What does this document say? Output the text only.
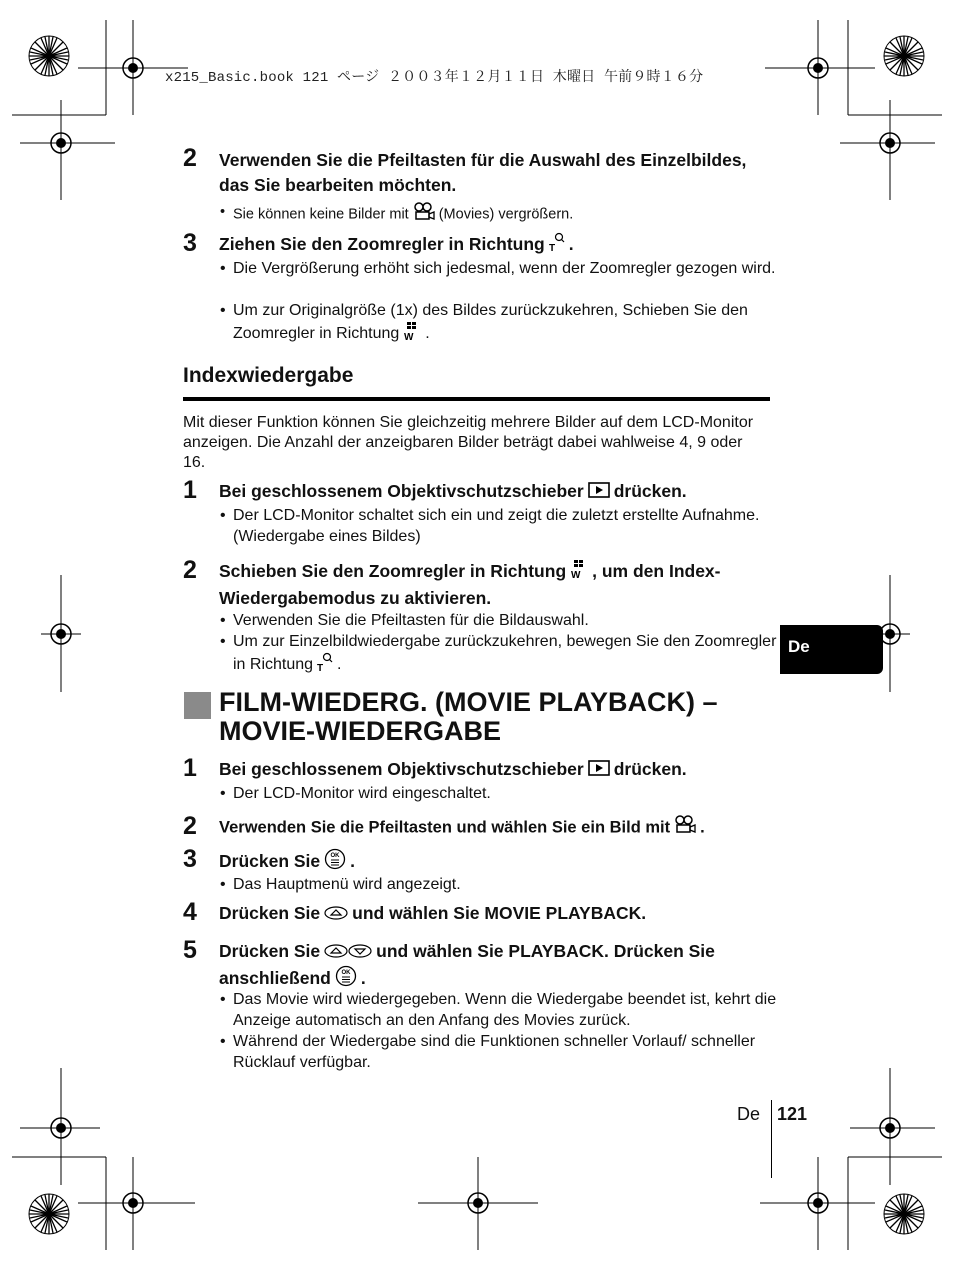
x215_Basic.book 121 ページ ２００３年１２月１１日 木曜日 午前９時１６分
2 Verwenden Sie die Pfeiltasten für die Auswahl des Einzelbildes, das Sie bearbeiten möchten.
• Sie können keine Bilder mit (Movies) vergrößern.
3 Ziehen Sie den Zoomregler in Richtung T .
• Die Vergrößerung erhöht sich jedesmal, wenn der Zoomregler gezogen wird.
• Um zur Originalgröße (1x) des Bildes zurückzukehren, Schieben Sie den Zoomregler in Richtung W .
Indexwiedergabe
Mit dieser Funktion können Sie gleichzeitig mehrere Bilder auf dem LCD-Monitor anzeigen. Die Anzahl der anzeigbaren Bilder beträgt dabei wahlweise 4, 9 oder 16.
1 Bei geschlossenem Objektivschutzschieber drücken.
• Der LCD-Monitor schaltet sich ein und zeigt die zuletzt erstellte Aufnahme. (Wiedergabe eines Bildes)
2 Schieben Sie den Zoomregler in Richtung W , um den Index-Wiedergabemodus zu aktivieren.
• Verwenden Sie die Pfeiltasten für die Bildauswahl.
• Um zur Einzelbildwiedergabe zurückzukehren, bewegen Sie den Zoomregler in Richtung T .
FILM-WIEDERG. (MOVIE PLAYBACK) – MOVIE-WIEDERGABE
1 Bei geschlossenem Objektivschutzschieber drücken.
• Der LCD-Monitor wird eingeschaltet.
2 Verwenden Sie die Pfeiltasten und wählen Sie ein Bild mit .
3 Drücken Sie OK .
• Das Hauptmenü wird angezeigt.
4 Drücken Sie und wählen Sie MOVIE PLAYBACK.
5 Drücken Sie	und wählen Sie PLAYBACK. Drücken Sie anschließend OK .
• Das Movie wird wiedergegeben. Wenn die Wiedergabe beendet ist, kehrt die Anzeige automatisch an den Anfang des Movies zurück.
• Während der Wiedergabe sind die Funktionen schneller Vorlauf/ schneller Rücklauf verfügbar.
De
De 121
